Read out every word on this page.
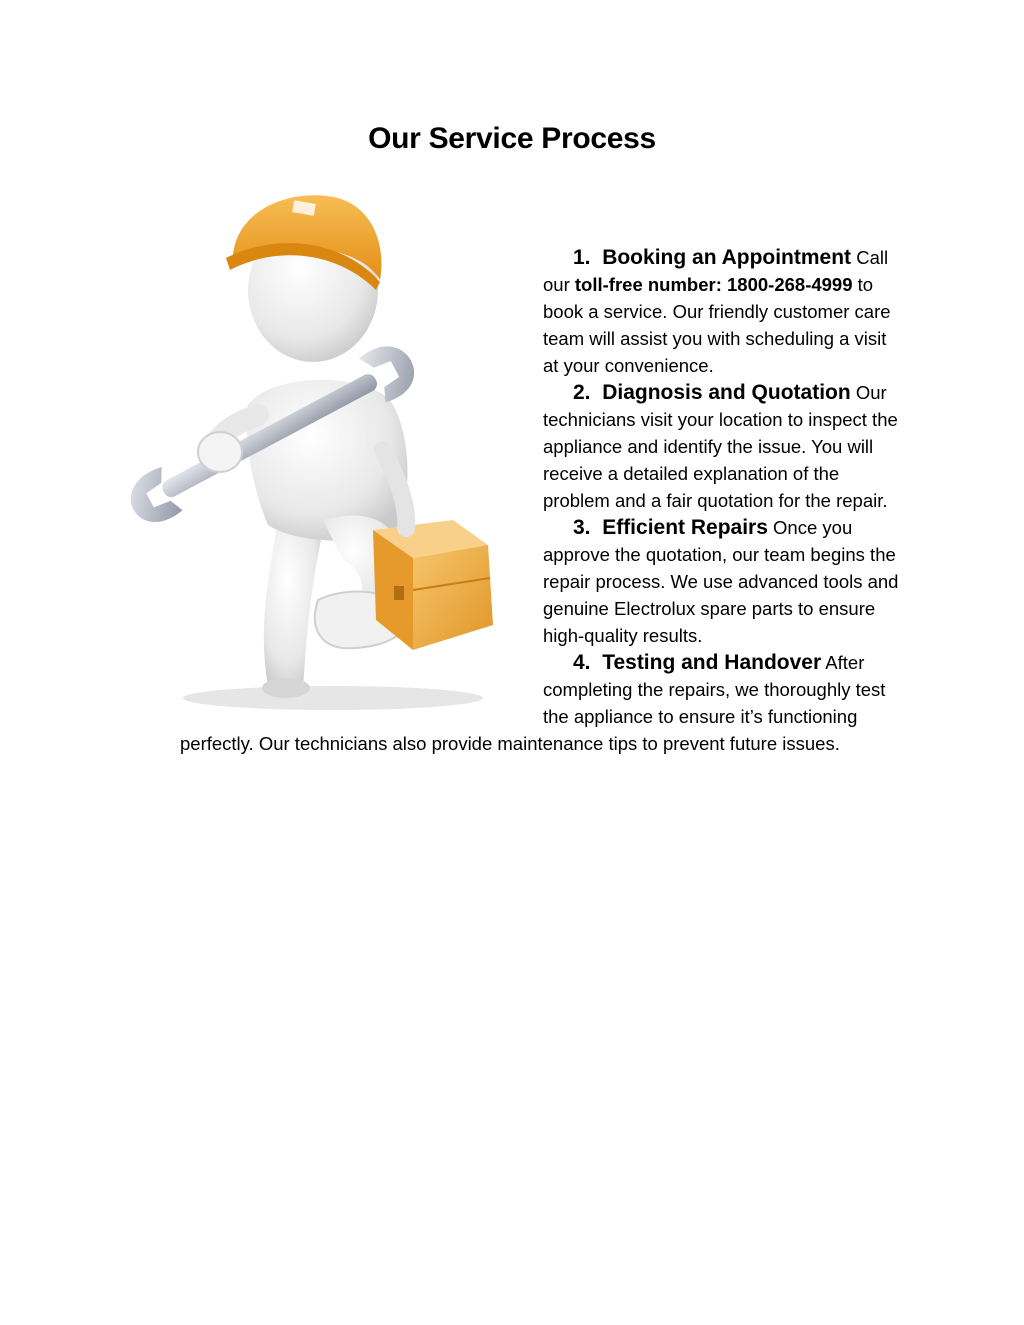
Our Service Process

1. Booking an Appointment Call our toll-free number: 1800-268-4999 to book a service. Our friendly customer care team will assist you with scheduling a visit at your convenience.

2. Diagnosis and Quotation Our technicians visit your location to inspect the appliance and identify the issue. You will receive a detailed explanation of the problem and a fair quotation for the repair.

3. Efficient Repairs Once you approve the quotation, our team begins the repair process. We use advanced tools and genuine Electrolux spare parts to ensure high-quality results.

4. Testing and Handover After completing the repairs, we thoroughly test the appliance to ensure it’s functioning perfectly. Our technicians also provide maintenance tips to prevent future issues.
